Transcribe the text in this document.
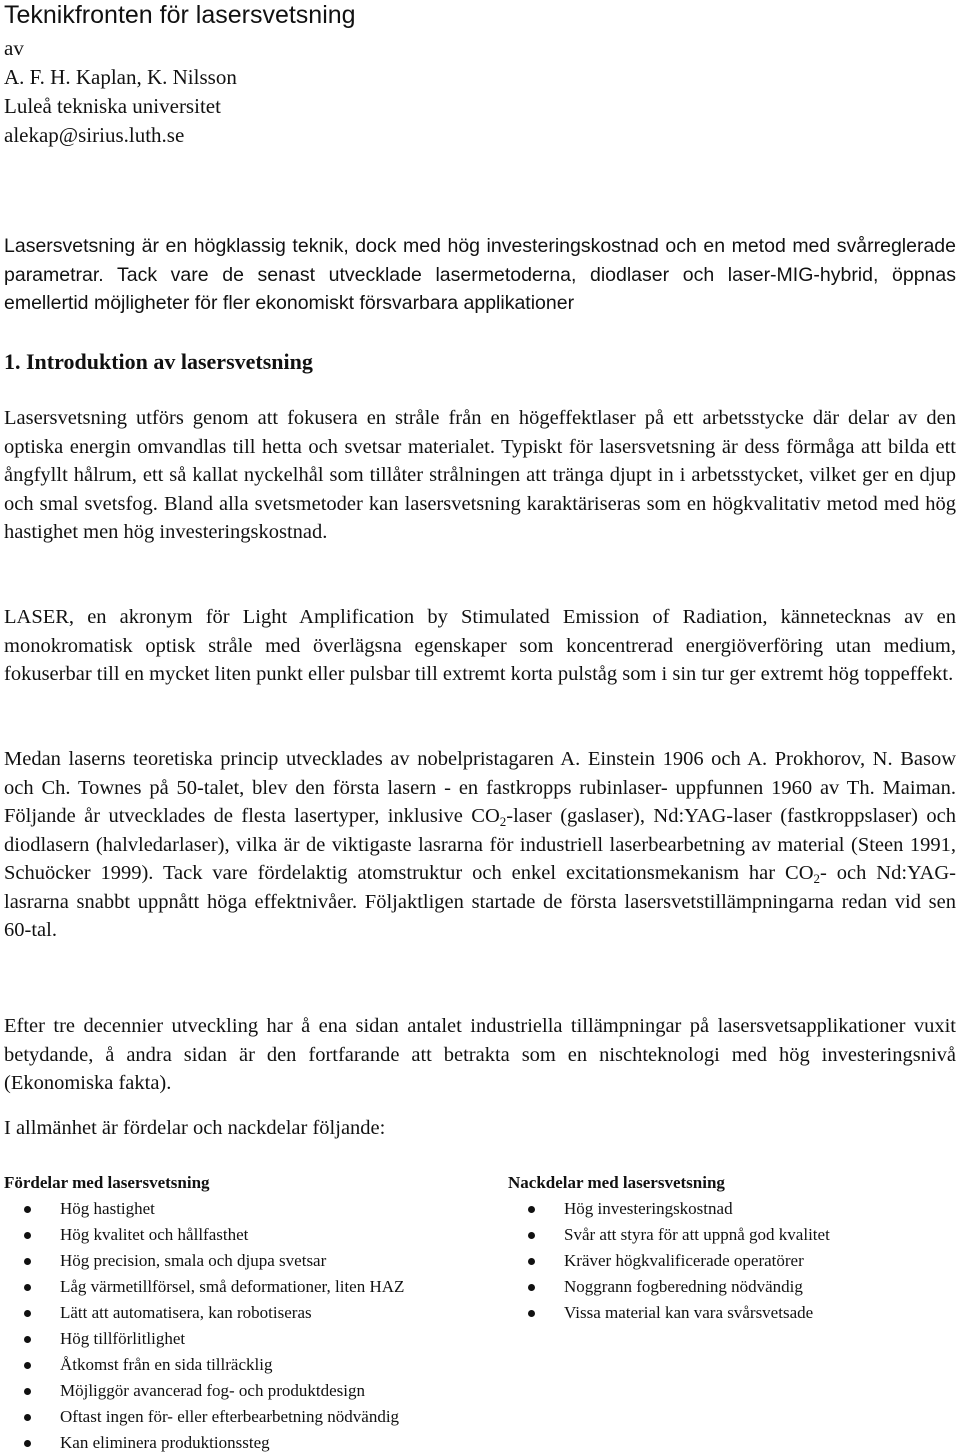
Teknikfronten för lasersvetsning
av
A. F. H. Kaplan, K. Nilsson
Luleå tekniska universitet
alekap@sirius.luth.se

Lasersvetsning är en högklassig teknik, dock med hög investeringskostnad och en metod med svårreglerade parametrar. Tack vare de senast utvecklade lasermetoderna, diodlaser och laser-MIG-hybrid, öppnas emellertid möjligheter för fler ekonomiskt försvarbara applikationer

1. Introduktion av lasersvetsning

Lasersvetsning utförs genom att fokusera en stråle från en högeffektlaser på ett arbetsstycke där delar av den optiska energin omvandlas till hetta och svetsar materialet. Typiskt för lasersvetsning är dess förmåga att bilda ett ångfyllt hålrum, ett så kallat nyckelhål som tillåter strålningen att tränga djupt in i arbetsstycket, vilket ger en djup och smal svetsfog. Bland alla svetsmetoder kan lasersvetsning karaktäriseras som en högkvalitativ metod med hög hastighet men hög investeringskostnad.

LASER, en akronym för Light Amplification by Stimulated Emission of Radiation, kännetecknas av en monokromatisk optisk stråle med överlägsna egenskaper som koncentrerad energiöverföring utan medium, fokuserbar till en mycket liten punkt eller pulsbar till extremt korta pulståg som i sin tur ger extremt hög toppeffekt.

Medan laserns teoretiska princip utvecklades av nobelpristagaren A. Einstein 1906 och A. Prokhorov, N. Basow och Ch. Townes på 50-talet, blev den första lasern - en fastkropps rubinlaser- uppfunnen 1960 av Th. Maiman. Följande år utvecklades de flesta lasertyper, inklusive $CO_2$-laser (gaslaser), Nd:YAG-laser (fastkroppslaser) och diodlasern (halvledarlaser), vilka är de viktigaste lasrarna för industriell laserbearbetning av material (Steen 1991, Schuöcker 1999). Tack vare fördelaktig atomstruktur och enkel excitationsmekanism har $CO_2-$ och Nd:YAG-lasrarna snabbt uppnått höga effektnivåer. Följaktligen startade de första lasersvetstillämpningarna redan vid sen 60-tal.

Efter tre decennier utveckling har å ena sidan antalet industriella tillämpningar på lasersvetsapplikationer vuxit betydande, å andra sidan är den fortfarande att betrakta som en nischteknologi med hög investeringsnivå (Ekonomiska fakta).

I allmänhet är fördelar och nackdelar följande:

Fördelar med lasersvetsning
Hög hastighet
Hög kvalitet och hållfasthet
Hög precision, smala och djupa svetsar
Låg värmetillförsel, små deformationer, liten HAZ
Lätt att automatisera, kan robotiseras
Hög tillförlitlighet
Åtkomst från en sida tillräcklig
Möjliggör avancerad fog- och produktdesign
Oftast ingen för- eller efterbearbetning nödvändig
Kan eliminera produktionssteg
Nackdelar med lasersvetsning
Hög investeringskostnad
Svår att styra för att uppnå god kvalitet
Kräver högkvalificerade operatörer
Noggrann fogberedning nödvändig
Vissa material kan vara svårsvetsade
